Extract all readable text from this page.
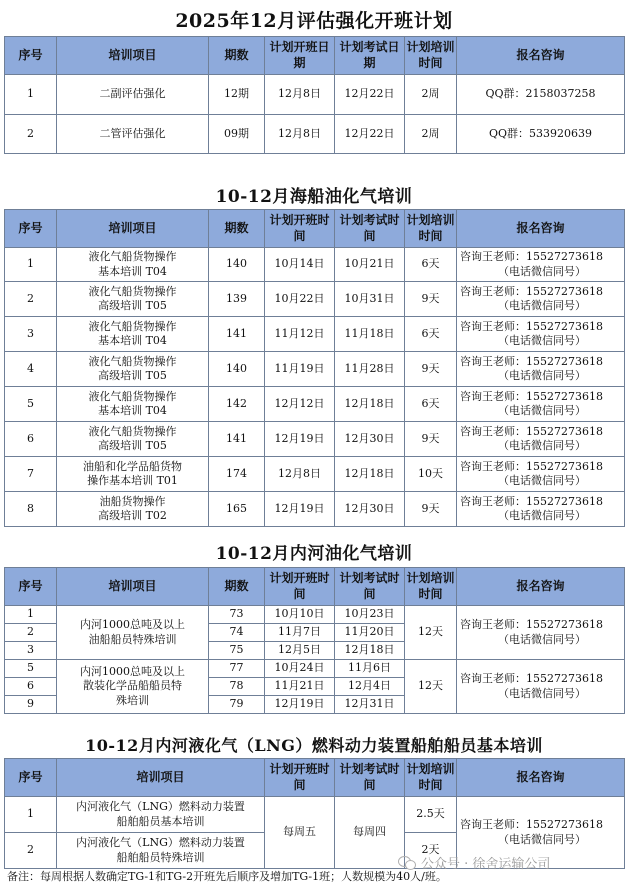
2025年12月评估强化开班计划
序号	培训项目	期数	计划开班日期	计划考试日期	计划培训时间	报名咨询
1	二副评估强化	12期	12月8日	12月22日	2周	QQ群：2158037258
2	二管评估强化	09期	12月8日	12月22日	2周	QQ群：533920639
10-12月海船油化气培训
序号	培训项目	期数	计划开班时间	计划考试时间	计划培训时间	报名咨询
1	液化气船货物操作
基本培训 T04	140	10月14日	10月21日	6天	咨询王老师：15527273618
（电话微信同号）

2	液化气船货物操作
高级培训 T05	139	10月22日	10月31日	9天	咨询王老师：15527273618
（电话微信同号）

3	液化气船货物操作
基本培训 T04	141	11月12日	11月18日	6天	咨询王老师：15527273618
（电话微信同号）

4	液化气船货物操作
高级培训 T05	140	11月19日	11月28日	9天	咨询王老师：15527273618
（电话微信同号）

5	液化气船货物操作
基本培训 T04	142	12月12日	12月18日	6天	咨询王老师：15527273618
（电话微信同号）

6	液化气船货物操作
高级培训 T05	141	12月19日	12月30日	9天	咨询王老师：15527273618
（电话微信同号）

7	油船和化学品船货物
操作基本培训 T01	174	12月8日	12月18日	10天	咨询王老师：15527273618
（电话微信同号）

8	油船货物操作
高级培训 T02	165	12月19日	12月30日	9天	咨询王老师：15527273618
（电话微信同号）
10-12月内河油化气培训
序号	培训项目	期数	计划开班时间	计划考试时间	计划培训时间	报名咨询
1	内河1000总吨及以上
油船船员特殊培训	73	10月10日	10月23日	12天	咨询王老师：15527273618
（电话微信同号）

2		74	11月7日	11月20日		
3		75	12月5日	12月18日		
5	内河1000总吨及以上
散装化学品船船员特
殊培训	77	10月24日	11月6日	12天	咨询王老师：15527273618
（电话微信同号）

6		78	11月21日	12月4日		
9		79	12月19日	12月31日		
10-12月内河液化气（LNG）燃料动力装置船舶船员基本培训
序号	培训项目	计划开班时间	计划考试时间	计划培训时间	报名咨询
1	内河液化气（LNG）燃料动力装置
船舶船员基本培训	每周五	每周四	2.5天	咨询王老师：15527273618
（电话微信同号）

2	内河液化气（LNG）燃料动力装置
船舶船员特殊培训			2天	
备注：每周根据人数确定TG-1和TG-2开班先后顺序及增加TG-1班；人数规模为40人/班。
公众号 · 徐舍运输公司
